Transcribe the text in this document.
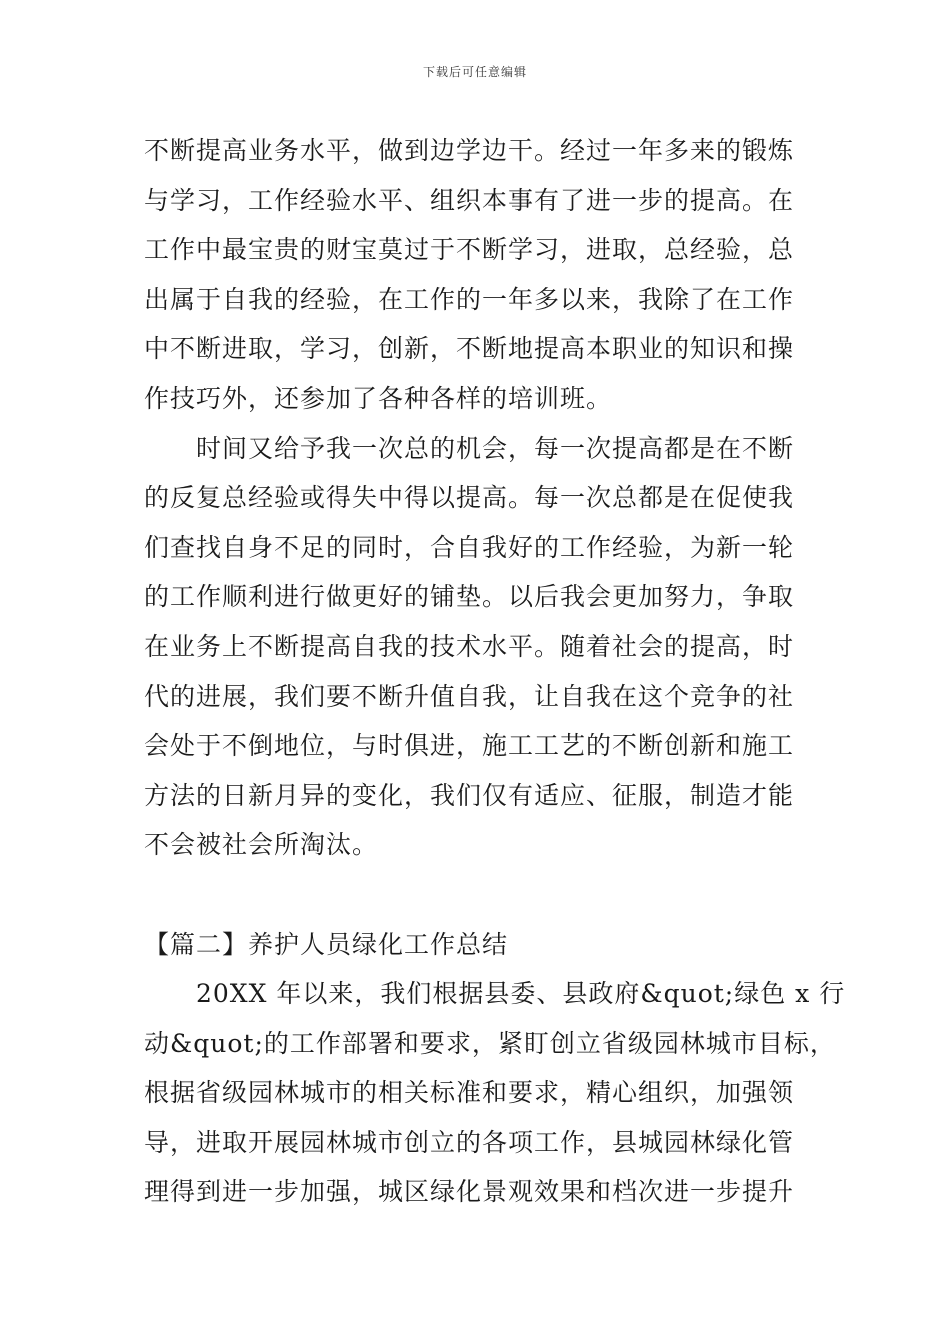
下载后可任意编辑
不断提高业务水平，做到边学边干。经过一年多来的锻炼
与学习，工作经验水平、组织本事有了进一步的提高。在
工作中最宝贵的财宝莫过于不断学习，进取，总经验，总
出属于自我的经验，在工作的一年多以来，我除了在工作
中不断进取，学习，创新，不断地提高本职业的知识和操
作技巧外，还参加了各种各样的培训班。
时间又给予我一次总的机会，每一次提高都是在不断
的反复总经验或得失中得以提高。每一次总都是在促使我
们查找自身不足的同时，合自我好的工作经验，为新一轮
的工作顺利进行做更好的铺垫。以后我会更加努力，争取
在业务上不断提高自我的技术水平。随着社会的提高，时
代的进展，我们要不断升值自我，让自我在这个竞争的社
会处于不倒地位，与时俱进，施工工艺的不断创新和施工
方法的日新月异的变化，我们仅有适应、征服，制造才能
不会被社会所淘汰。
【篇二】养护人员绿化工作总结
20XX 年以来，我们根据县委、县政府&quot;绿色 x 行
动&quot;的工作部署和要求，紧盯创立省级园林城市目标，
根据省级园林城市的相关标准和要求，精心组织，加强领
导，进取开展园林城市创立的各项工作，县城园林绿化管
理得到进一步加强，城区绿化景观效果和档次进一步提升
